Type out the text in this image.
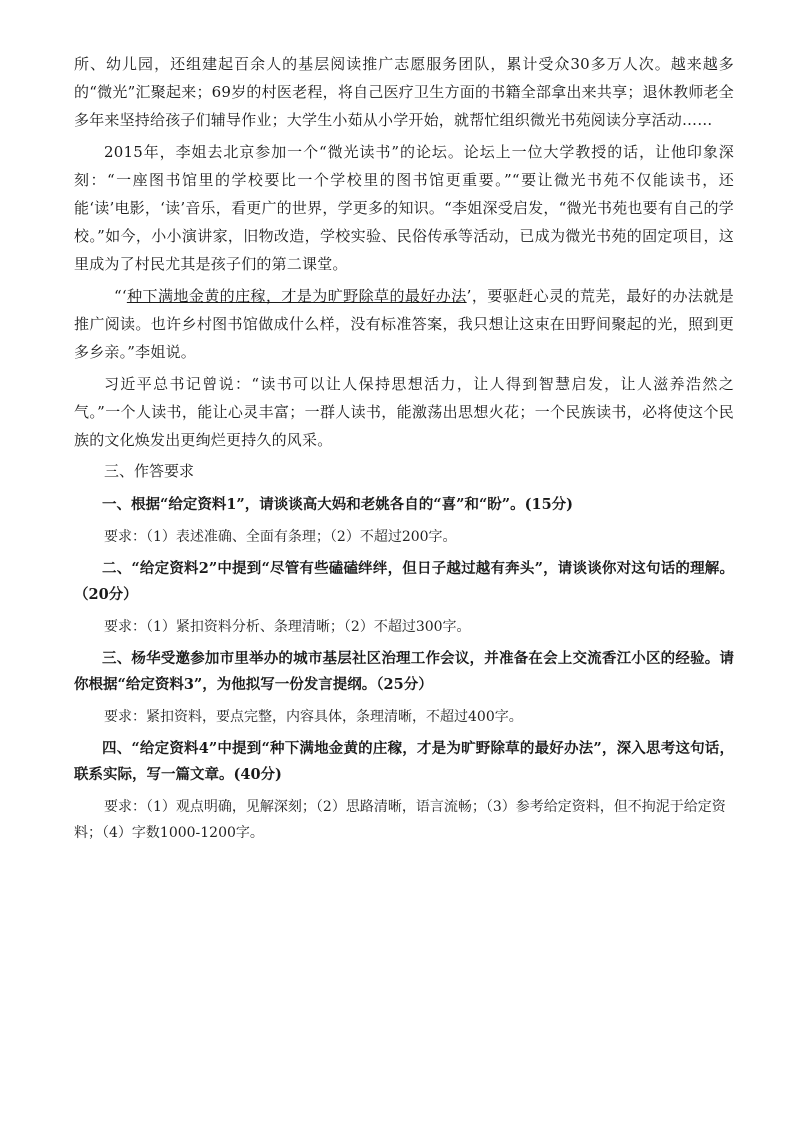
所、幼儿园，还组建起百余人的基层阅读推广志愿服务团队，累计受众30多万人次。越来越多的“微光”汇聚起来；69岁的村医老程，将自己医疗卫生方面的书籍全部拿出来共享；退休教师老全多年来坚持给孩子们辅导作业；大学生小茹从小学开始，就帮忙组织微光书苑阅读分享活动……

2015年，李姐去北京参加一个“微光读书”的论坛。论坛上一位大学教授的话，让他印象深刻：“一座图书馆里的学校要比一个学校里的图书馆更重要。”“要让微光书苑不仅能读书，还能‘读’电影，‘读’音乐，看更广的世界，学更多的知识。“李姐深受启发，“微光书苑也要有自己的学校。”如今，小小演讲家，旧物改造，学校实验、民俗传承等活动，已成为微光书苑的固定项目，这里成为了村民尤其是孩子们的第二课堂。

“‘种下满地金黄的庄稼，才是为旷野除草的最好办法’，要驱赶心灵的荒芜，最好的办法就是推广阅读。也许乡村图书馆做成什么样，没有标准答案，我只想让这束在田野间聚起的光，照到更多乡亲。”李姐说。

习近平总书记曾说：“读书可以让人保持思想活力，让人得到智慧启发，让人滋养浩然之气。”一个人读书，能让心灵丰富；一群人读书，能激荡出思想火花；一个民族读书，必将使这个民族的文化焕发出更绚烂更持久的风采。

三、作答要求

一、根据“给定资料1”，请谈谈高大妈和老姚各自的“喜”和“盼”。(15分)

要求：（1）表述准确、全面有条理；（2）不超过200字。

二、“给定资料2”中提到“尽管有些磕磕绊绊，但日子越过越有奔头”，请谈谈你对这句话的理解。（20分）

要求：（1）紧扣资料分析、条理清晰；（2）不超过300字。

三、杨华受邀参加市里举办的城市基层社区治理工作会议，并准备在会上交流香江小区的经验。请你根据“给定资料3”，为他拟写一份发言提纲。（25分）

要求：紧扣资料，要点完整，内容具体，条理清晰，不超过400字。

四、“给定资料4”中提到“种下满地金黄的庄稼，才是为旷野除草的最好办法”，深入思考这句话，联系实际，写一篇文章。(40分)

要求：（1）观点明确，见解深刻；（2）思路清晰，语言流畅；（3）参考给定资料，但不拘泥于给定资料；（4）字数1000-1200字。
